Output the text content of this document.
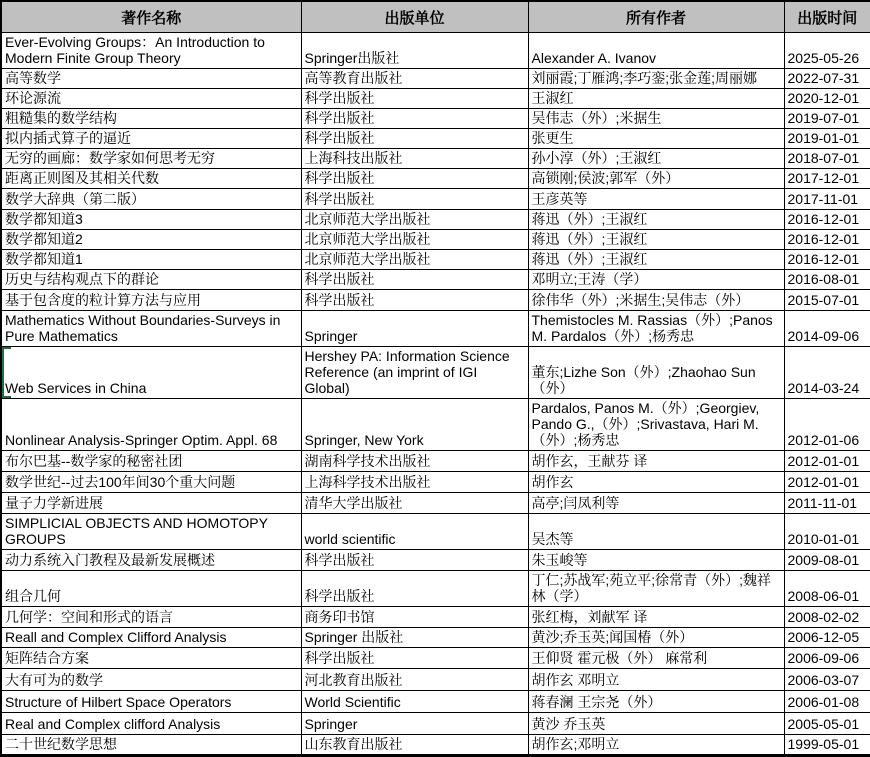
著作名称	出版单位	所有作者	出版时间
Ever-Evolving Groups：An Introduction to Modern Finite Group Theory	Springer出版社	Alexander A. Ivanov	2025-05-26
高等数学	高等教育出版社	刘丽霞;丁雁鸿;李巧銮;张金莲;周丽娜	2022-07-31
环论源流	科学出版社	王淑红	2020-12-01
粗糙集的数学结构	科学出版社	吴伟志（外）;米据生	2019-07-01
拟内插式算子的逼近	科学出版社	张更生	2019-01-01
无穷的画廊：数学家如何思考无穷	上海科技出版社	孙小淳（外）;王淑红	2018-07-01
距离正则图及其相关代数	科学出版社	高锁刚;侯波;郭军（外）	2017-12-01
数学大辞典（第二版）	科学出版社	王彦英等	2017-11-01
数学都知道3	北京师范大学出版社	蒋迅（外）;王淑红	2016-12-01
数学都知道2	北京师范大学出版社	蒋迅（外）;王淑红	2016-12-01
数学都知道1	北京师范大学出版社	蒋迅（外）;王淑红	2016-12-01
历史与结构观点下的群论	科学出版社	邓明立;王涛（学）	2016-08-01
基于包含度的粒计算方法与应用	科学出版社	徐伟华（外）;米据生;吴伟志（外）	2015-07-01
Mathematics Without Boundaries-Surveys in Pure Mathematics	Springer	Themistocles M. Rassias（外）;Panos M. Pardalos（外）;杨秀忠	2014-09-06
Web Services in China	Hershey PA: Information Science Reference (an imprint of IGI Global)	董东;Lizhe Son（外）;Zhaohao Sun（外）	2014-03-24
Nonlinear Analysis-Springer Optim. Appl. 68	Springer, New York	Pardalos, Panos M.（外）;Georgiev, Pando G.,（外）;Srivastava, Hari M.（外）;杨秀忠	2012-01-06
布尔巴基--数学家的秘密社团	湖南科学技术出版社	胡作玄，王献芬 译	2012-01-01
数学世纪--过去100年间30个重大问题	上海科学技术出版社	胡作玄	2012-01-01
量子力学新进展	清华大学出版社	高亭;闫凤利等	2011-11-01
SIMPLICIAL OBJECTS AND HOMOTOPY GROUPS	world scientific	吴杰等	2010-01-01
动力系统入门教程及最新发展概述	科学出版社	朱玉峻等	2009-08-01
组合几何	科学出版社	丁仁;苏战军;苑立平;徐常青（外）;魏祥林（学）	2008-06-01
几何学：空间和形式的语言	商务印书馆	张红梅，刘献军 译	2008-02-02
Reall and Complex Clifford Analysis	Springer 出版社	黄沙;乔玉英;闻国椿（外）	2006-12-05
矩阵结合方案	科学出版社	王仰贤 霍元极（外） 麻常利	2006-09-06
大有可为的数学	河北教育出版社	胡作玄 邓明立	2006-03-07
Structure of Hilbert Space Operators	World Scientific	蒋春澜 王宗尧（外）	2006-01-08
Real and Complex clifford Analysis	Springer	黄沙 乔玉英	2005-05-01
二十世纪数学思想	山东教育出版社	胡作玄;邓明立	1999-05-01
